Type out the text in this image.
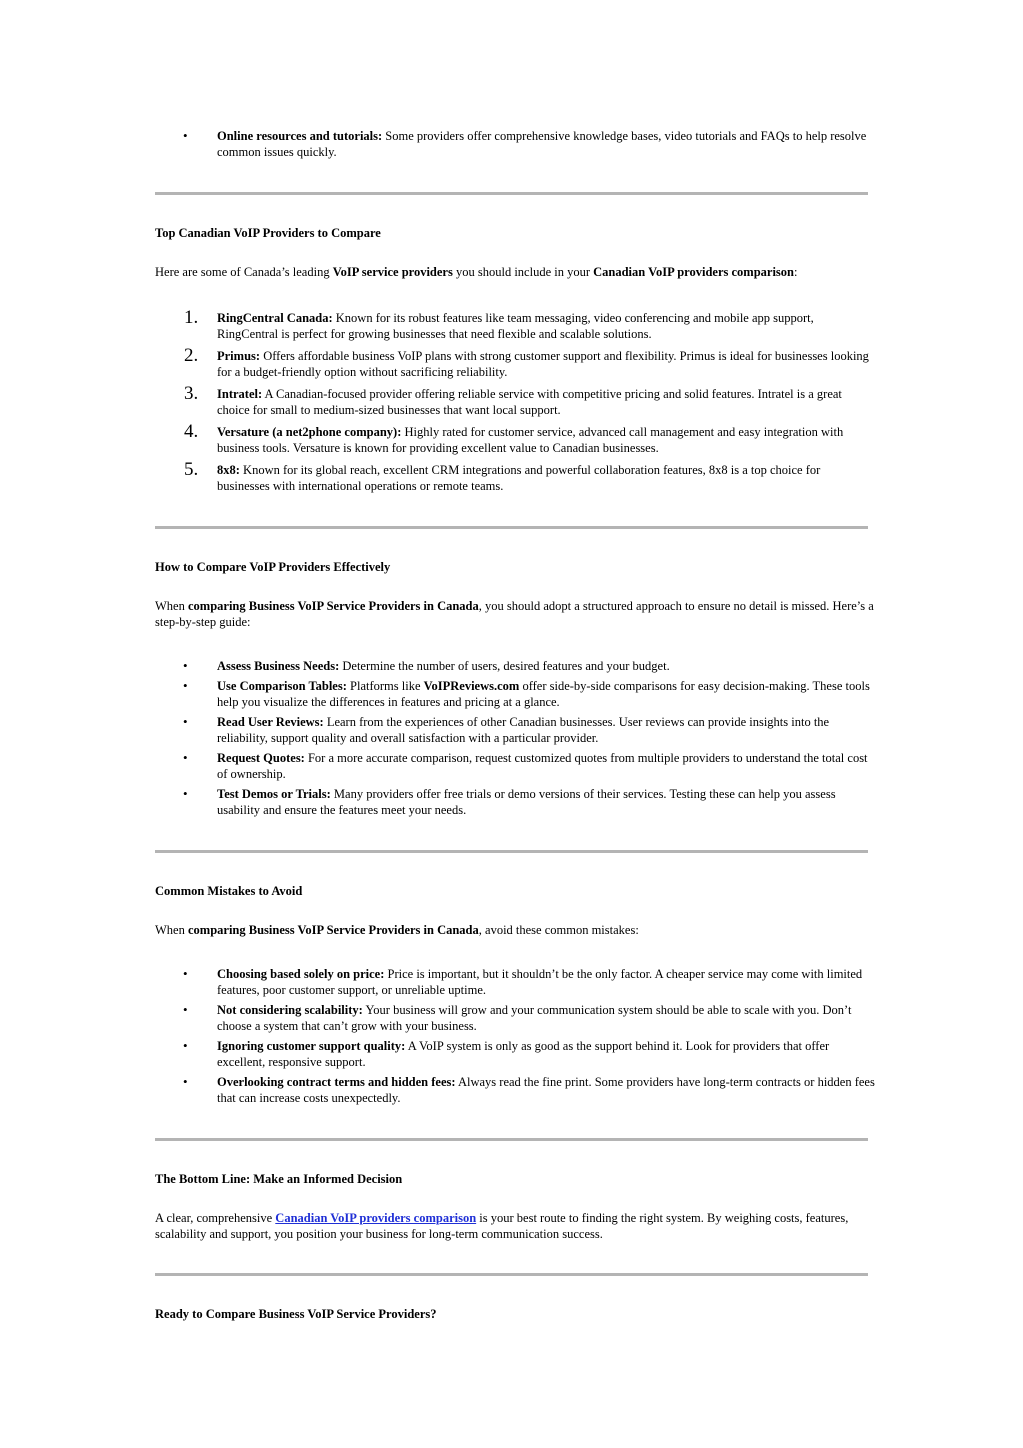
• Online resources and tutorials: Some providers offer comprehensive knowledge bases, video tutorials and FAQs to help resolve common issues quickly.
Top Canadian VoIP Providers to Compare
Here are some of Canada’s leading VoIP service providers you should include in your Canadian VoIP providers comparison:
1. RingCentral Canada: Known for its robust features like team messaging, video conferencing and mobile app support, RingCentral is perfect for growing businesses that need flexible and scalable solutions.
2. Primus: Offers affordable business VoIP plans with strong customer support and flexibility. Primus is ideal for businesses looking for a budget-friendly option without sacrificing reliability.
3. Intratel: A Canadian-focused provider offering reliable service with competitive pricing and solid features. Intratel is a great choice for small to medium-sized businesses that want local support.
4. Versature (a net2phone company): Highly rated for customer service, advanced call management and easy integration with business tools. Versature is known for providing excellent value to Canadian businesses.
5. 8x8: Known for its global reach, excellent CRM integrations and powerful collaboration features, 8x8 is a top choice for businesses with international operations or remote teams.
How to Compare VoIP Providers Effectively
When comparing Business VoIP Service Providers in Canada, you should adopt a structured approach to ensure no detail is missed. Here’s a step-by-step guide:
• Assess Business Needs: Determine the number of users, desired features and your budget.
• Use Comparison Tables: Platforms like VoIPReviews.com offer side-by-side comparisons for easy decision-making. These tools help you visualize the differences in features and pricing at a glance.
• Read User Reviews: Learn from the experiences of other Canadian businesses. User reviews can provide insights into the reliability, support quality and overall satisfaction with a particular provider.
• Request Quotes: For a more accurate comparison, request customized quotes from multiple providers to understand the total cost of ownership.
• Test Demos or Trials: Many providers offer free trials or demo versions of their services. Testing these can help you assess usability and ensure the features meet your needs.
Common Mistakes to Avoid
When comparing Business VoIP Service Providers in Canada, avoid these common mistakes:
• Choosing based solely on price: Price is important, but it shouldn’t be the only factor. A cheaper service may come with limited features, poor customer support, or unreliable uptime.
• Not considering scalability: Your business will grow and your communication system should be able to scale with you. Don’t choose a system that can’t grow with your business.
• Ignoring customer support quality: A VoIP system is only as good as the support behind it. Look for providers that offer excellent, responsive support.
• Overlooking contract terms and hidden fees: Always read the fine print. Some providers have long-term contracts or hidden fees that can increase costs unexpectedly.
The Bottom Line: Make an Informed Decision
A clear, comprehensive Canadian VoIP providers comparison is your best route to finding the right system. By weighing costs, features, scalability and support, you position your business for long-term communication success.
Ready to Compare Business VoIP Service Providers?
